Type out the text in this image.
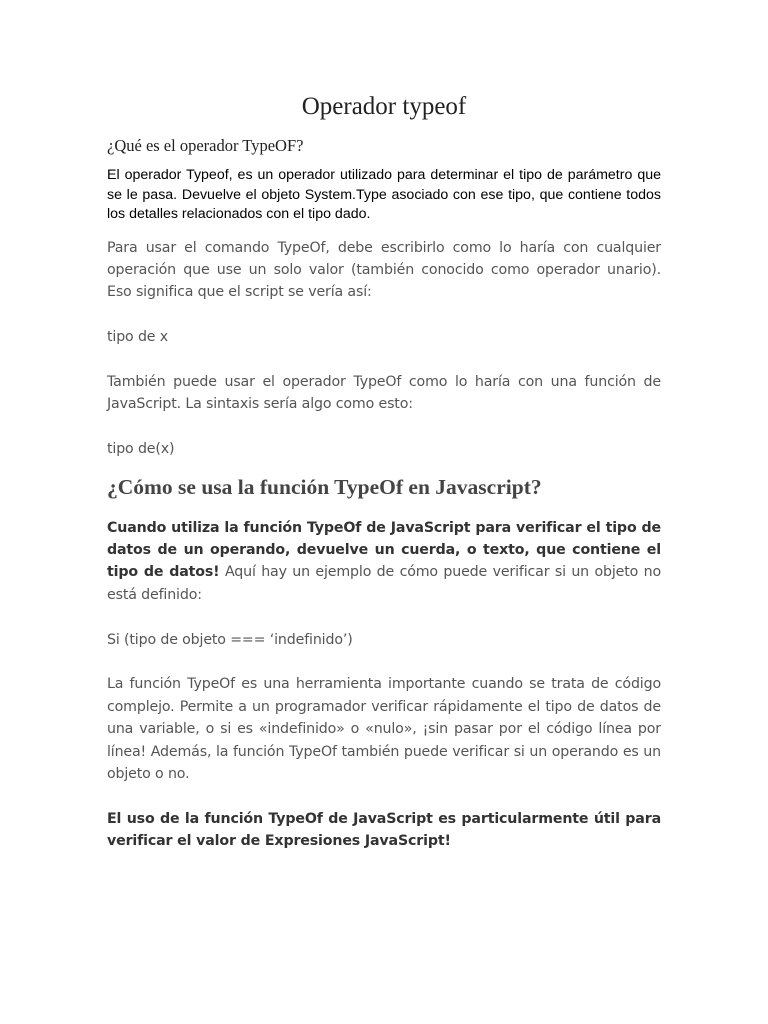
Operador typeof
¿Qué es el operador TypeOF?

El operador Typeof, es un operador utilizado para determinar el tipo de parámetro que se le pasa. Devuelve el objeto System.Type asociado con ese tipo, que contiene todos los detalles relacionados con el tipo dado.

Para usar el comando TypeOf, debe escribirlo como lo haría con cualquier operación que use un solo valor (también conocido como operador unario). Eso significa que el script se vería así:

tipo de x

También puede usar el operador TypeOf como lo haría con una función de JavaScript. La sintaxis sería algo como esto:

tipo de(x)

¿Cómo se usa la función TypeOf en Javascript?

Cuando utiliza la función TypeOf de JavaScript para verificar el tipo de datos de un operando, devuelve un cuerda, o texto, que contiene el tipo de datos! Aquí hay un ejemplo de cómo puede verificar si un objeto no está definido:

Si (tipo de objeto === ‘indefinido’)

La función TypeOf es una herramienta importante cuando se trata de código complejo. Permite a un programador verificar rápidamente el tipo de datos de una variable, o si es «indefinido» o «nulo», ¡sin pasar por el código línea por línea! Además, la función TypeOf también puede verificar si un operando es un objeto o no.

El uso de la función TypeOf de JavaScript es particularmente útil para verificar el valor de Expresiones JavaScript!
